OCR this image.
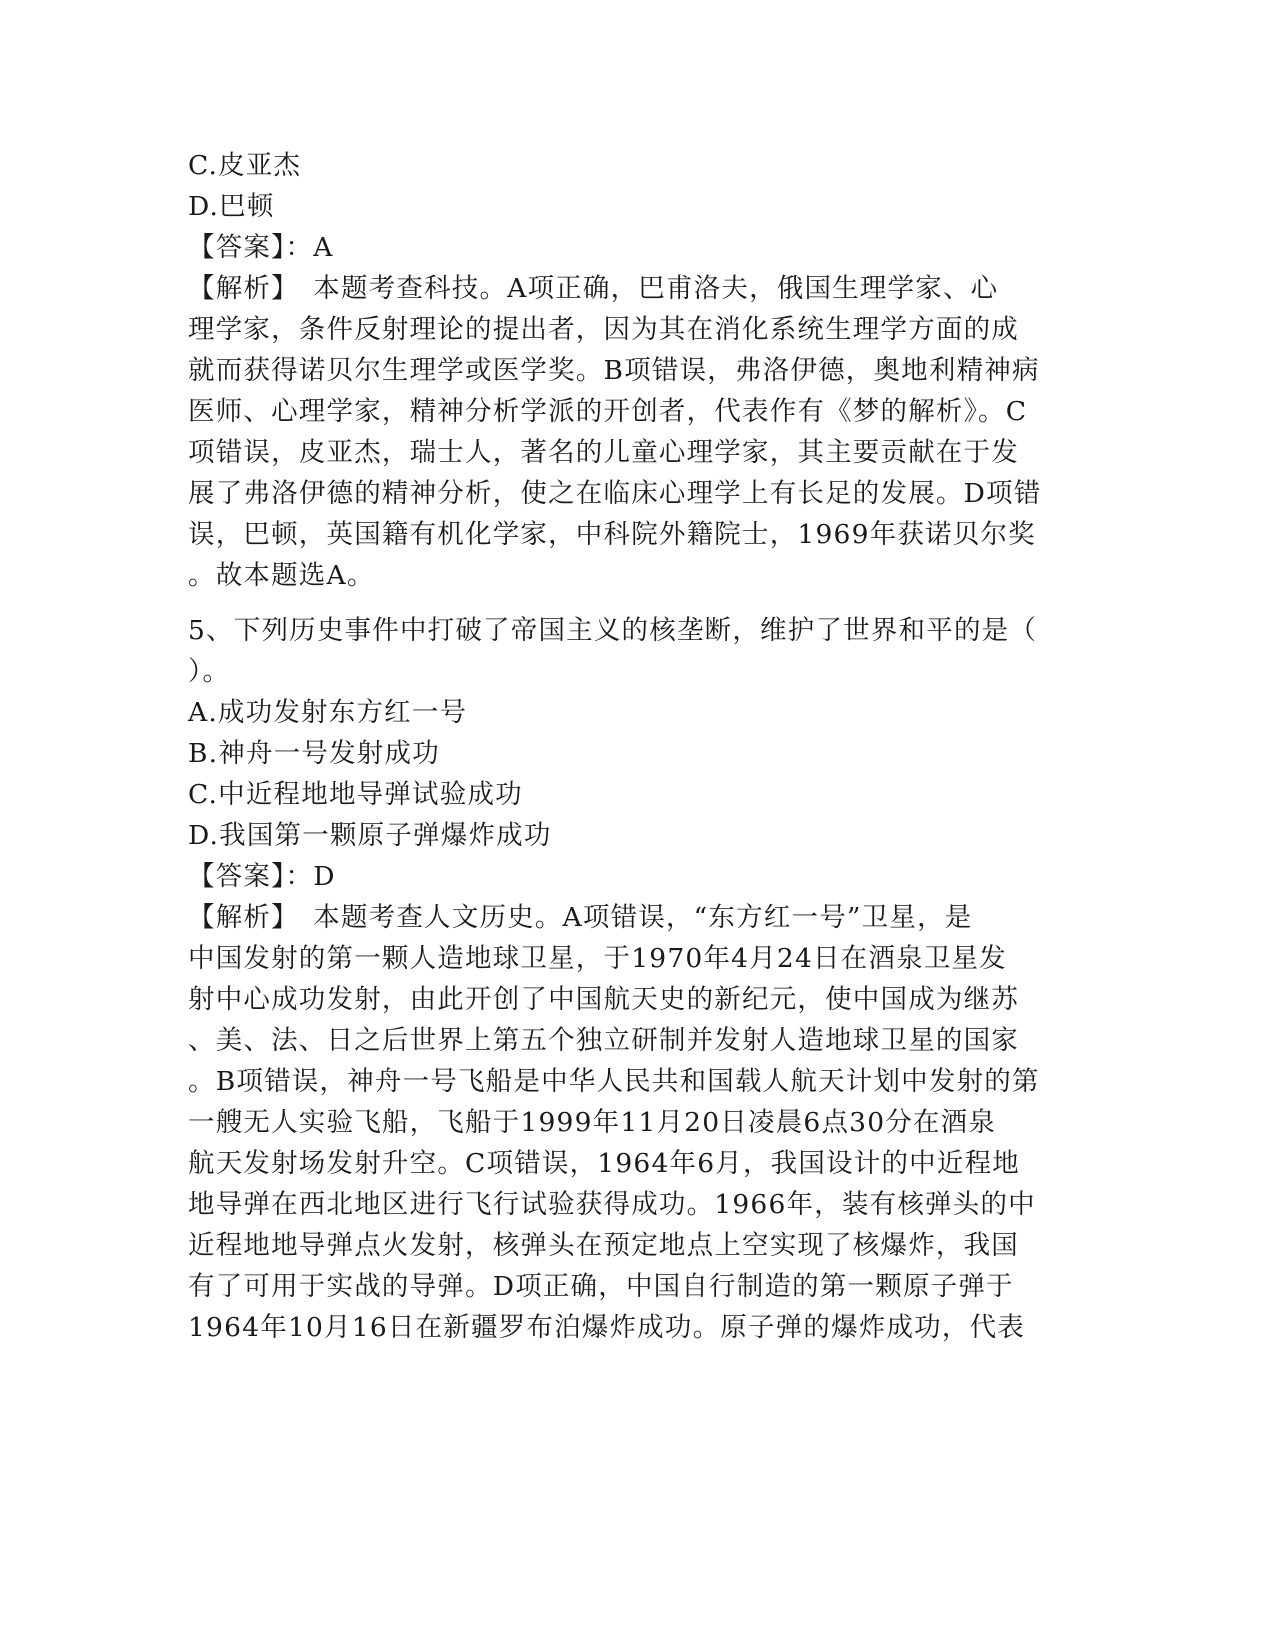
C.皮亚杰

D.巴顿

【答案】：A

【解析】　本题考查科技。A项正确，巴甫洛夫，俄国生理学家、心

理学家，条件反射理论的提出者，因为其在消化系统生理学方面的成

就而获得诺贝尔生理学或医学奖。B项错误，弗洛伊德，奥地利精神病

医师、心理学家，精神分析学派的开创者，代表作有《梦的解析》。C

项错误，皮亚杰，瑞士人，著名的儿童心理学家，其主要贡献在于发

展了弗洛伊德的精神分析，使之在临床心理学上有长足的发展。D项错

误，巴顿，英国籍有机化学家，中科院外籍院士，1969年获诺贝尔奖

。故本题选A。

5、下列历史事件中打破了帝国主义的核垄断，维护了世界和平的是（

）。

A.成功发射东方红一号

B.神舟一号发射成功

C.中近程地地导弹试验成功

D.我国第一颗原子弹爆炸成功

【答案】：D

【解析】　本题考查人文历史。A项错误，“东方红一号”卫星，是

中国发射的第一颗人造地球卫星，于1970年4月24日在酒泉卫星发

射中心成功发射，由此开创了中国航天史的新纪元，使中国成为继苏

、美、法、日之后世界上第五个独立研制并发射人造地球卫星的国家

。B项错误，神舟一号飞船是中华人民共和国载人航天计划中发射的第

一艘无人实验飞船，飞船于1999年11月20日凌晨6点30分在酒泉

航天发射场发射升空。C项错误，1964年6月，我国设计的中近程地

地导弹在西北地区进行飞行试验获得成功。1966年，装有核弹头的中

近程地地导弹点火发射，核弹头在预定地点上空实现了核爆炸，我国

有了可用于实战的导弹。D项正确，中国自行制造的第一颗原子弹于

1964年10月16日在新疆罗布泊爆炸成功。原子弹的爆炸成功，代表
